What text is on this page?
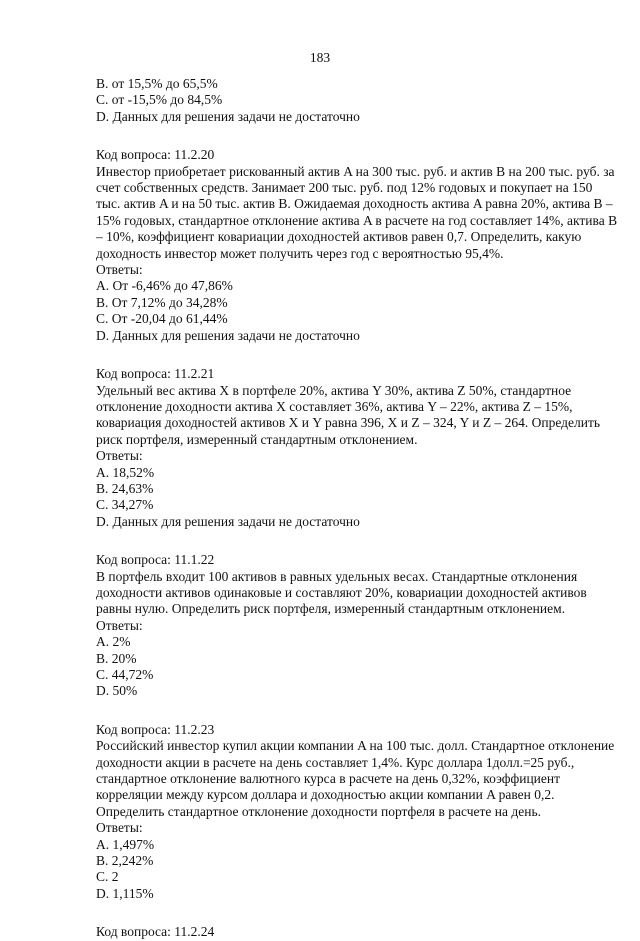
183
B. от 15,5% до 65,5%
C. от -15,5% до 84,5%
D. Данных для решения задачи не достаточно
Код вопроса: 11.2.20
Инвестор приобретает рискованный актив A на 300 тыс. руб. и актив B на 200 тыс. руб. за
счет собственных средств. Занимает 200 тыс. руб. под 12% годовых и покупает на 150
тыс. актив A и на 50 тыс. актив B. Ожидаемая доходность актива A равна 20%, актива B –
15% годовых, стандартное отклонение актива A в расчете на год составляет 14%, актива B
– 10%, коэффициент ковариации доходностей активов равен 0,7. Определить, какую
доходность инвестор может получить через год с вероятностью 95,4%.
Ответы:
A. От -6,46% до 47,86%
B. От 7,12% до 34,28%
C. От -20,04 до 61,44%
D. Данных для решения задачи не достаточно
Код вопроса: 11.2.21
Удельный вес актива X в портфеле 20%, актива Y 30%, актива Z 50%, стандартное
отклонение доходности актива X составляет 36%, актива Y – 22%, актива Z – 15%,
ковариация доходностей активов X и Y равна 396, X и Z – 324, Y и Z – 264. Определить
риск портфеля, измеренный стандартным отклонением.
Ответы:
A. 18,52%
B. 24,63%
C. 34,27%
D. Данных для решения задачи не достаточно
Код вопроса: 11.1.22
В портфель входит 100 активов в равных удельных весах. Стандартные отклонения
доходности активов одинаковые и составляют 20%, ковариации доходностей активов
равны нулю. Определить риск портфеля, измеренный стандартным отклонением.
Ответы:
A. 2%
B. 20%
C. 44,72%
D. 50%
Код вопроса: 11.2.23
Российский инвестор купил акции компании A на 100 тыс. долл. Стандартное отклонение
доходности акции в расчете на день составляет 1,4%. Курс доллара 1долл.=25 руб.,
стандартное отклонение валютного курса в расчете на день 0,32%, коэффициент
корреляции между курсом доллара и доходностью акции компании A равен 0,2.
Определить стандартное отклонение доходности портфеля в расчете на день.
Ответы:
A. 1,497%
B. 2,242%
C. 2
D. 1,115%
Код вопроса: 11.2.24
